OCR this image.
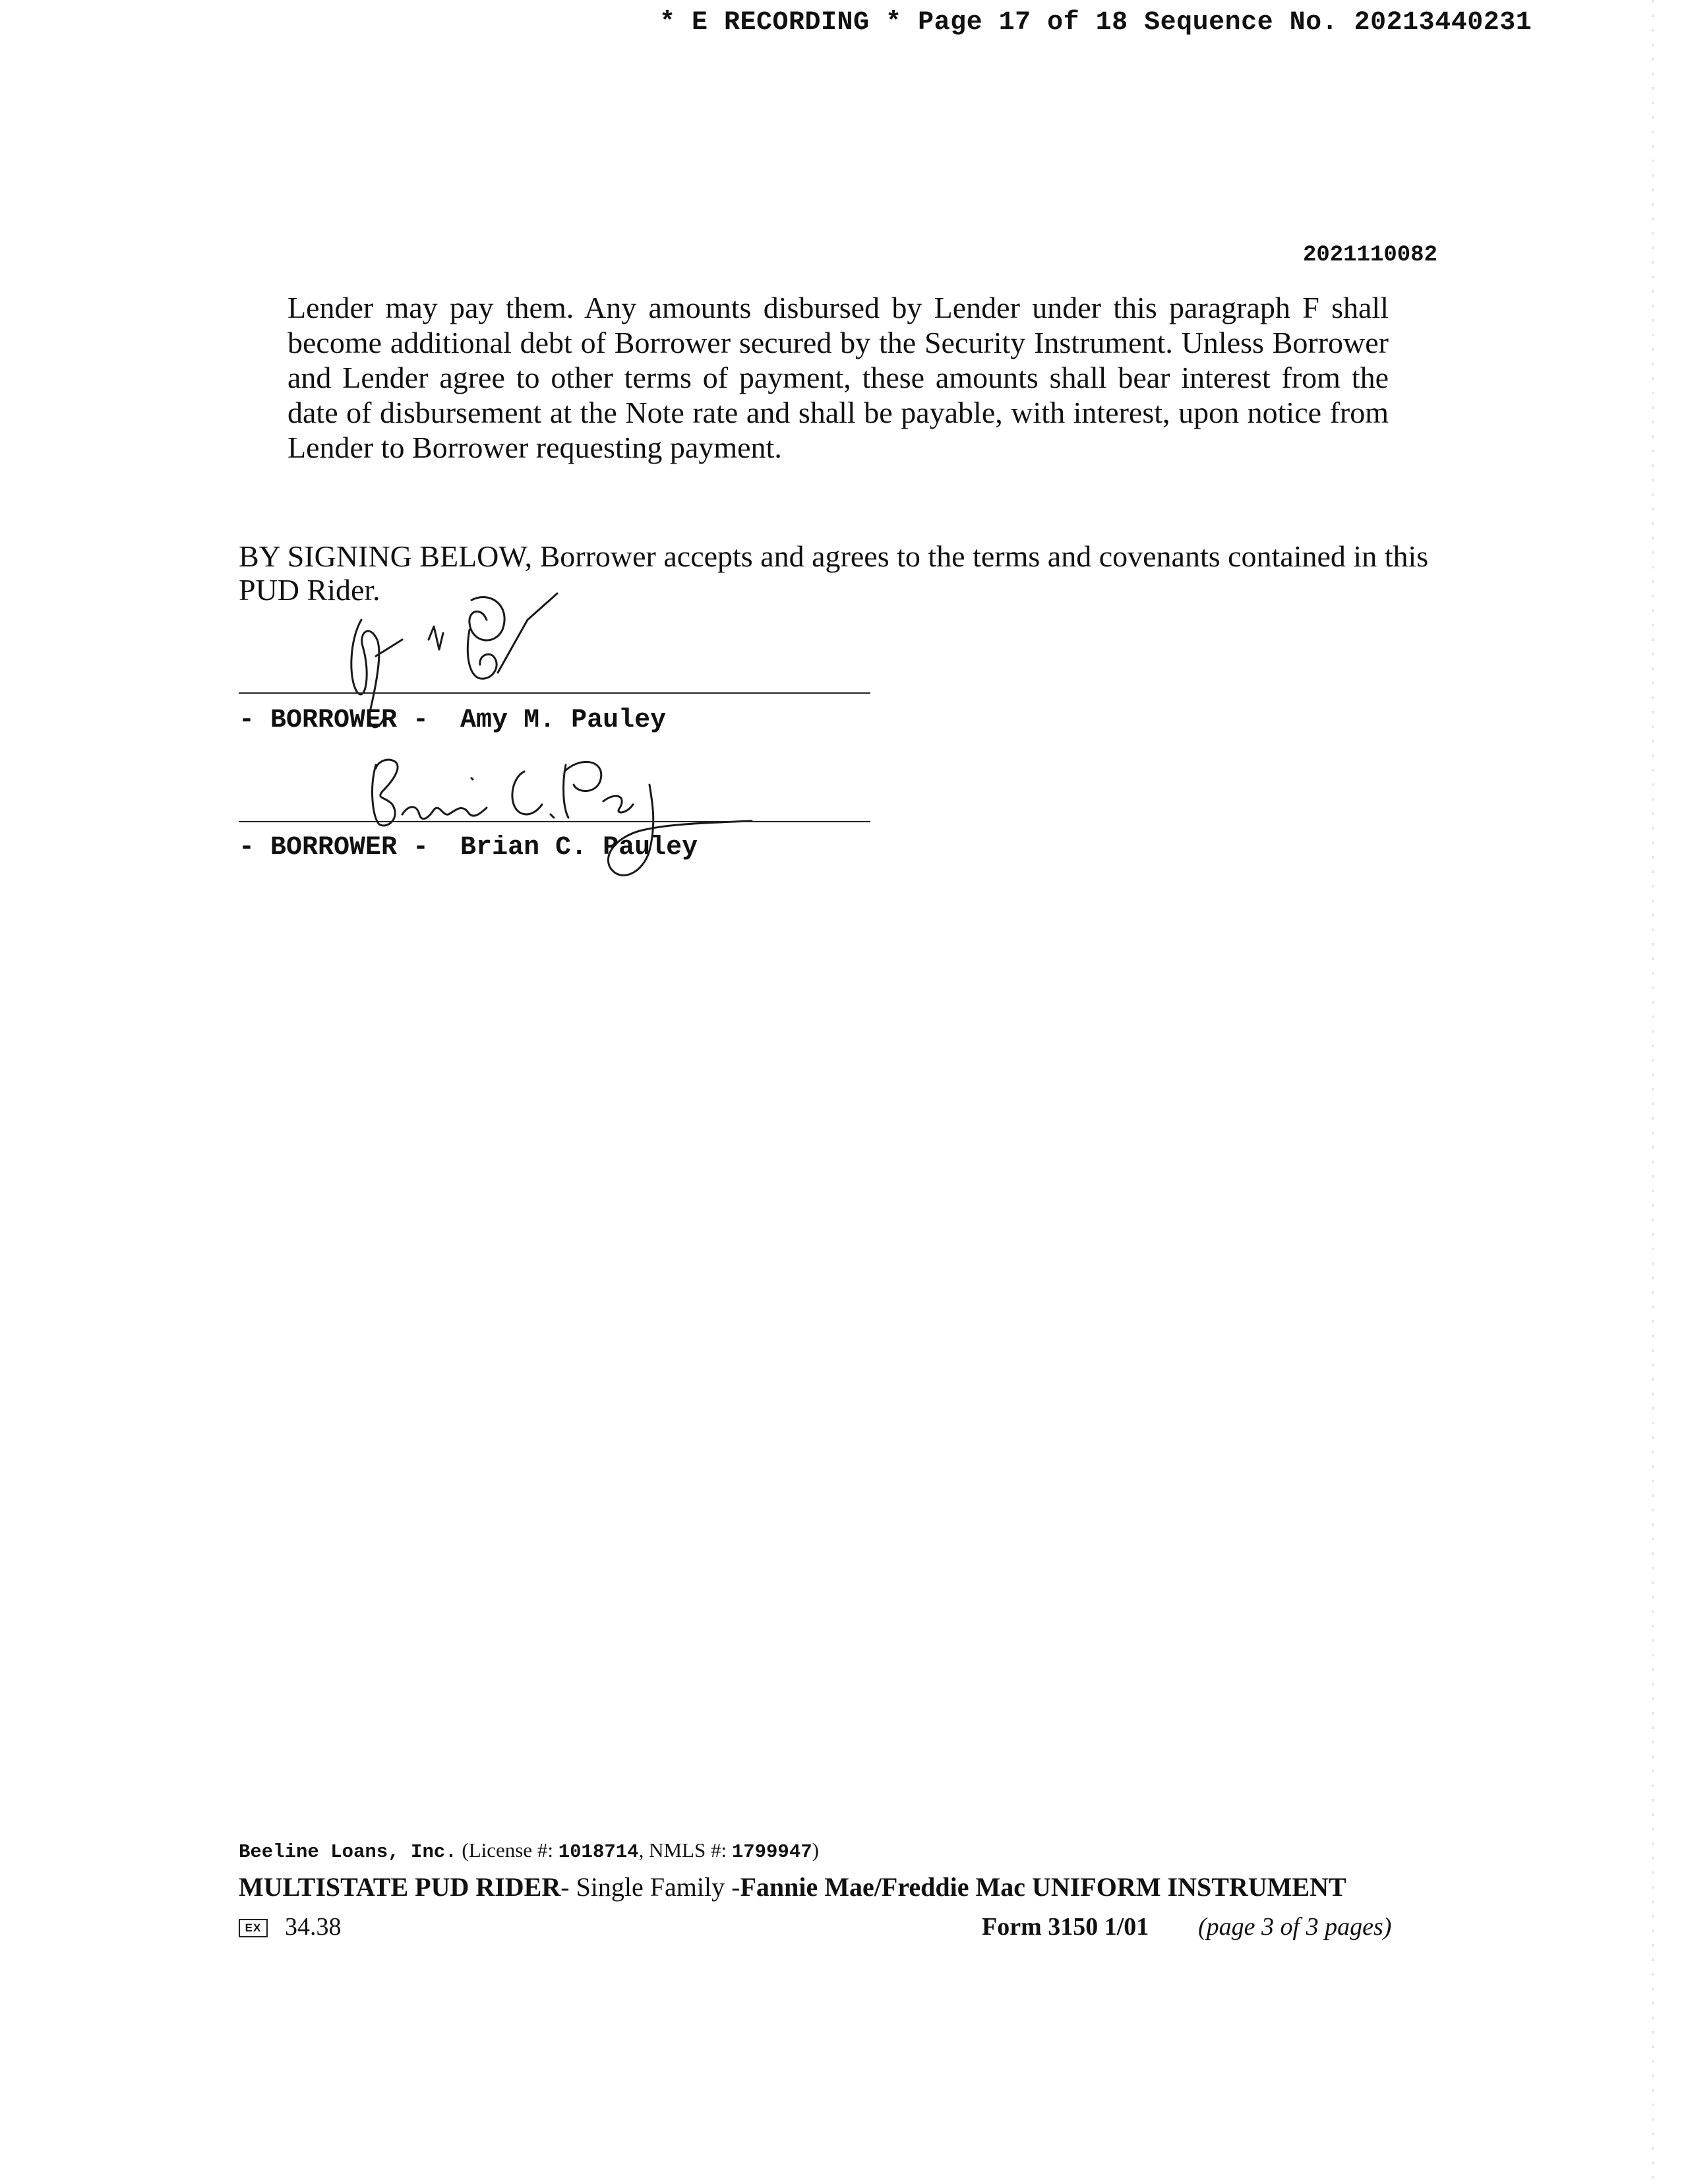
* E RECORDING * Page 17 of 18 Sequence No. 20213440231
2021110082
Lender may pay them. Any amounts disbursed by Lender under this paragraph F shall become additional debt of Borrower secured by the Security Instrument. Unless Borrower and Lender agree to other terms of payment, these amounts shall bear interest from the date of disbursement at the Note rate and shall be payable, with interest, upon notice from Lender to Borrower requesting payment.
BY SIGNING BELOW, Borrower accepts and agrees to the terms and covenants contained in this PUD Rider.
- BORROWER -  Amy M. Pauley
- BORROWER -  Brian C. Pauley
Beeline Loans, Inc. (License #: 1018714, NMLS #: 1799947)
MULTISTATE PUD RIDER- Single Family -Fannie Mae/Freddie Mac UNIFORM INSTRUMENT
EX 34.38	Form 3150 1/01 (page 3 of 3 pages)
